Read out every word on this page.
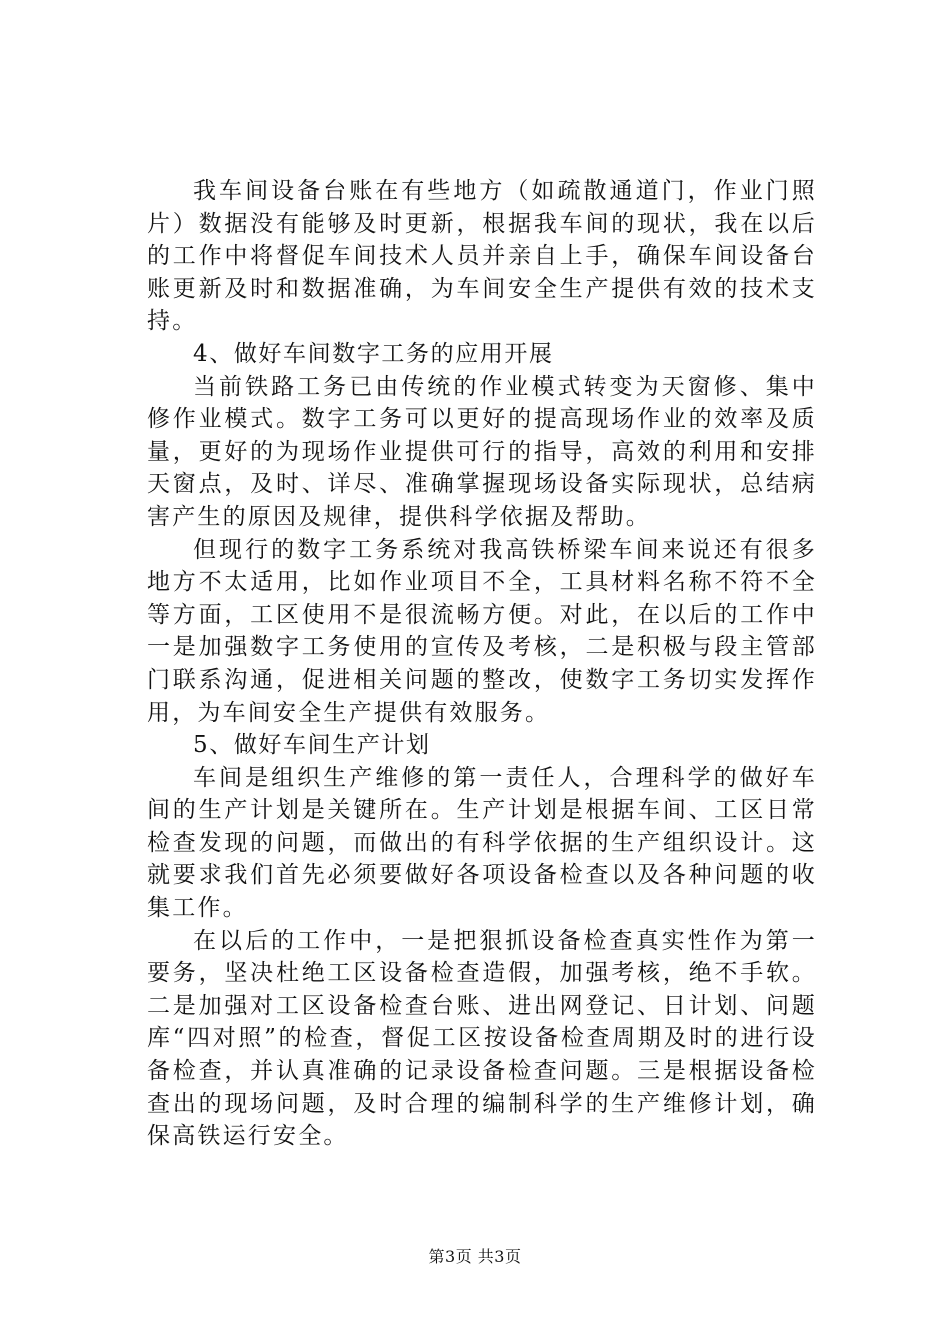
我车间设备台账在有些地方（如疏散通道门，作业门照片）数据没有能够及时更新，根据我车间的现状，我在以后的工作中将督促车间技术人员并亲自上手，确保车间设备台账更新及时和数据准确，为车间安全生产提供有效的技术支持。

4、做好车间数字工务的应用开展

当前铁路工务已由传统的作业模式转变为天窗修、集中修作业模式。数字工务可以更好的提高现场作业的效率及质量，更好的为现场作业提供可行的指导，高效的利用和安排天窗点，及时、详尽、准确掌握现场设备实际现状，总结病害产生的原因及规律，提供科学依据及帮助。

但现行的数字工务系统对我高铁桥梁车间来说还有很多地方不太适用，比如作业项目不全，工具材料名称不符不全等方面，工区使用不是很流畅方便。对此，在以后的工作中一是加强数字工务使用的宣传及考核，二是积极与段主管部门联系沟通，促进相关问题的整改，使数字工务切实发挥作用，为车间安全生产提供有效服务。

5、做好车间生产计划

车间是组织生产维修的第一责任人，合理科学的做好车间的生产计划是关键所在。生产计划是根据车间、工区日常检查发现的问题，而做出的有科学依据的生产组织设计。这就要求我们首先必须要做好各项设备检查以及各种问题的收集工作。

在以后的工作中，一是把狠抓设备检查真实性作为第一要务，坚决杜绝工区设备检查造假，加强考核，绝不手软。二是加强对工区设备检查台账、进出网登记、日计划、问题库“四对照”的检查，督促工区按设备检查周期及时的进行设备检查，并认真准确的记录设备检查问题。三是根据设备检查出的现场问题，及时合理的编制科学的生产维修计划，确保高铁运行安全。

第3页 共3页
